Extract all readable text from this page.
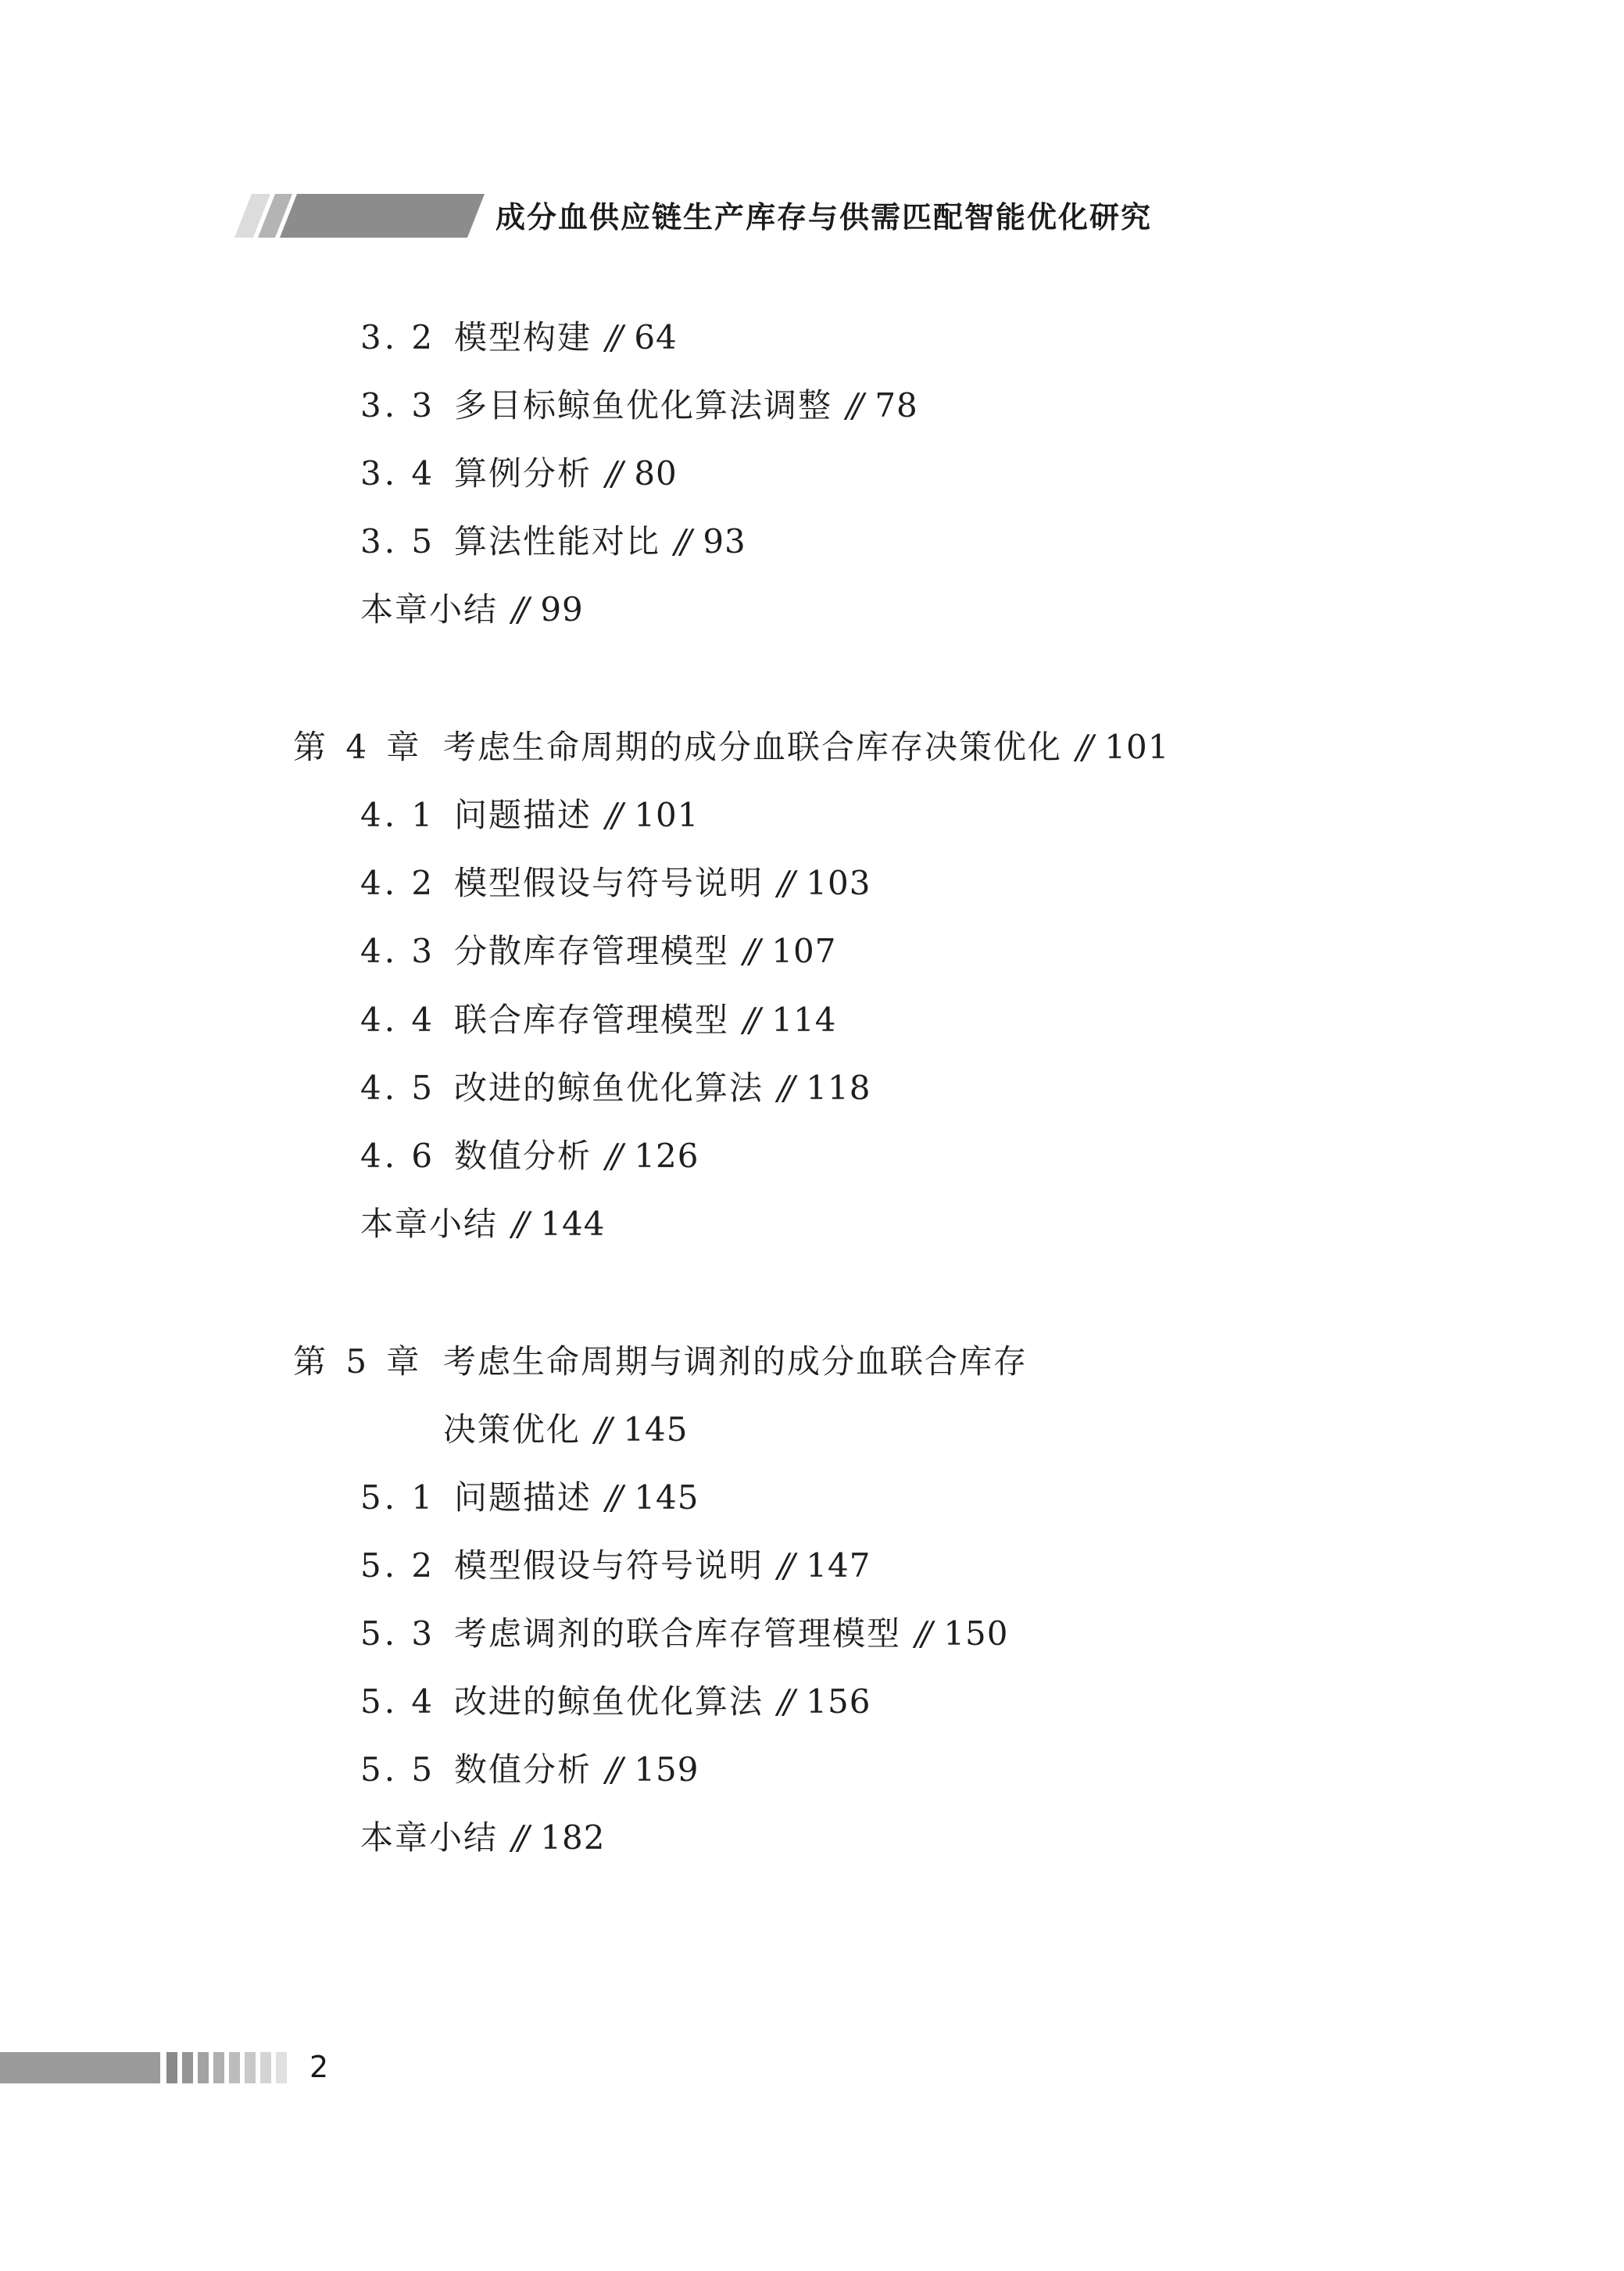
成分血供应链生产库存与供需匹配智能优化研究
3. 2 模型构建 // 64
3. 3 多目标鲸鱼优化算法调整 // 78
3. 4 算例分析 // 80
3. 5 算法性能对比 // 93
本章小结 // 99
第 4 章 考虑生命周期的成分血联合库存决策优化 // 101
4. 1 问题描述 // 101
4. 2 模型假设与符号说明 // 103
4. 3 分散库存管理模型 // 107
4. 4 联合库存管理模型 // 114
4. 5 改进的鲸鱼优化算法 // 118
4. 6 数值分析 // 126
本章小结 // 144
第 5 章 考虑生命周期与调剂的成分血联合库存
决策优化 // 145
5. 1 问题描述 // 145
5. 2 模型假设与符号说明 // 147
5. 3 考虑调剂的联合库存管理模型 // 150
5. 4 改进的鲸鱼优化算法 // 156
5. 5 数值分析 // 159
本章小结 // 182
2
